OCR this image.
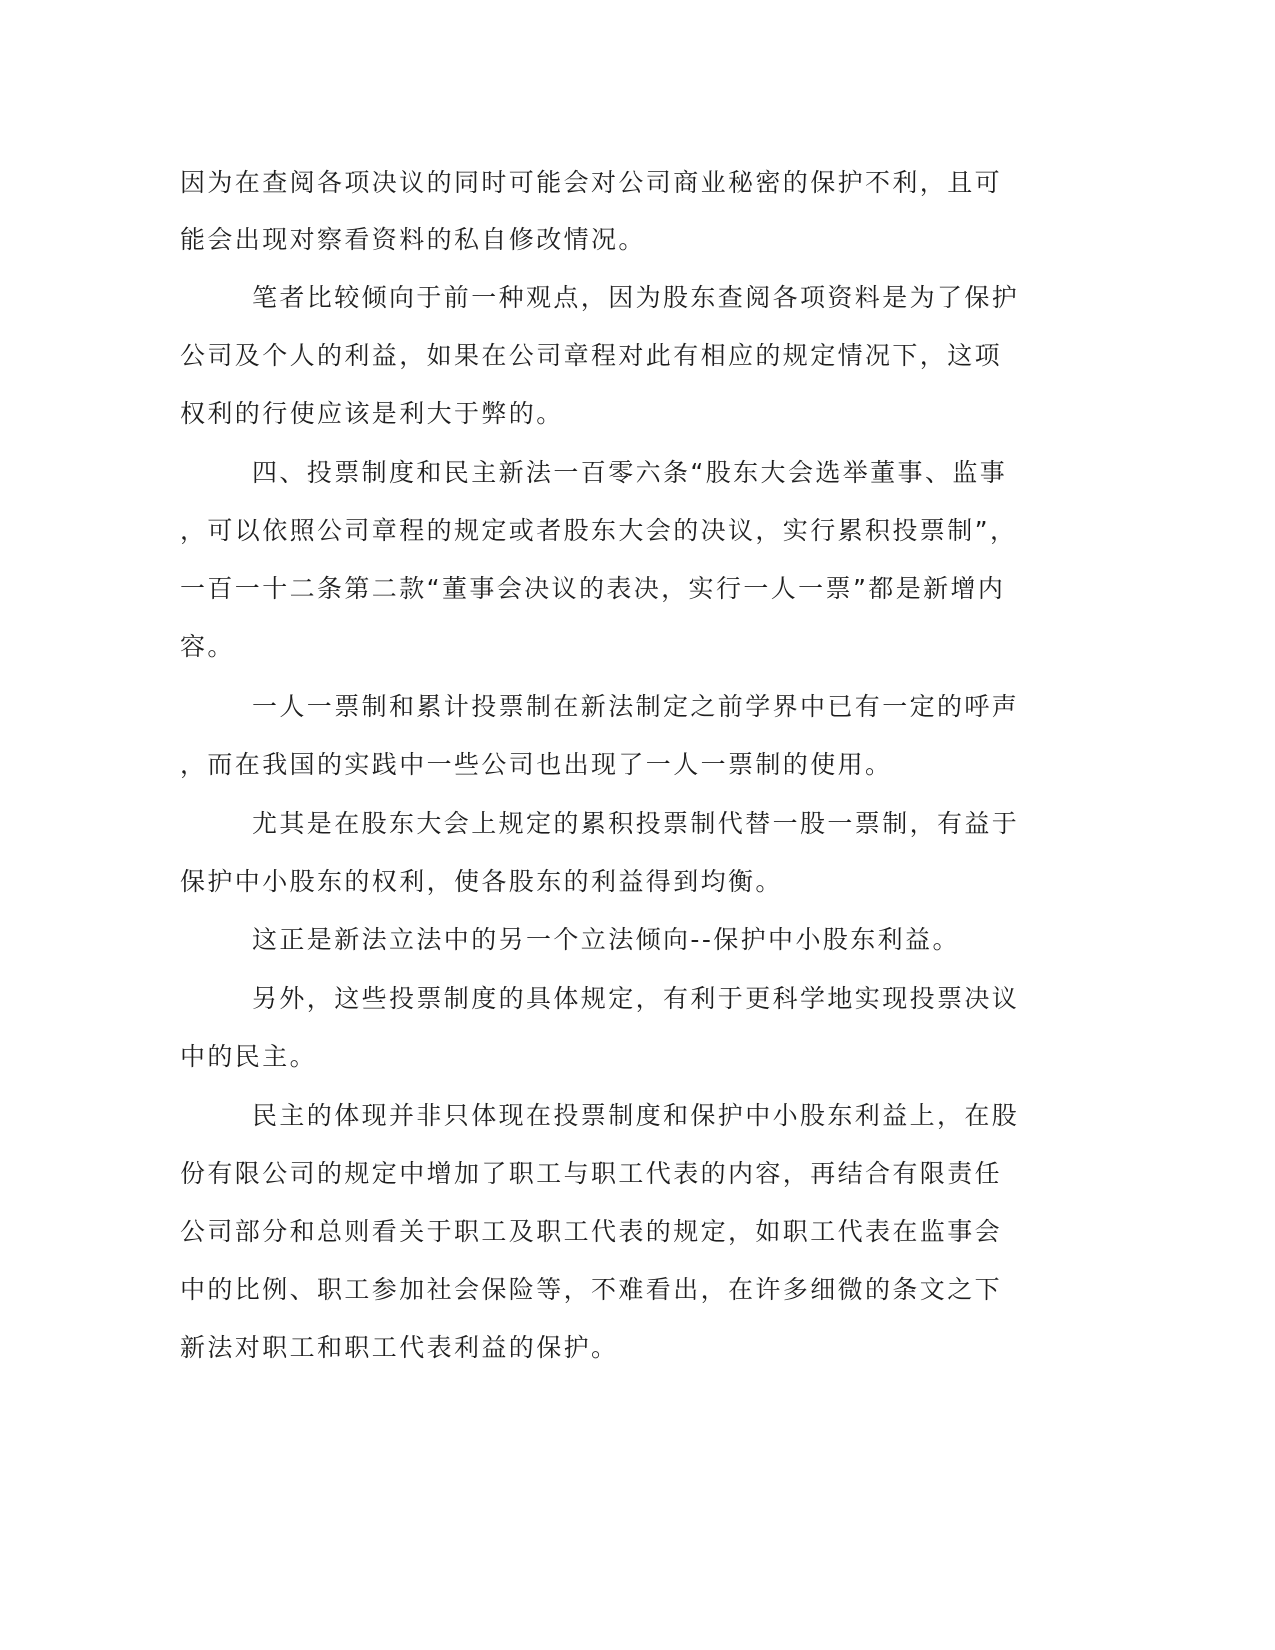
因为在查阅各项决议的同时可能会对公司商业秘密的保护不利，且可
能会出现对察看资料的私自修改情况。
笔者比较倾向于前一种观点，因为股东查阅各项资料是为了保护
公司及个人的利益，如果在公司章程对此有相应的规定情况下，这项
权利的行使应该是利大于弊的。
四、投票制度和民主新法一百零六条“股东大会选举董事、监事
，可以依照公司章程的规定或者股东大会的决议，实行累积投票制”，
一百一十二条第二款“董事会决议的表决，实行一人一票”都是新增内
容。
一人一票制和累计投票制在新法制定之前学界中已有一定的呼声
，而在我国的实践中一些公司也出现了一人一票制的使用。
尤其是在股东大会上规定的累积投票制代替一股一票制，有益于
保护中小股东的权利，使各股东的利益得到均衡。
这正是新法立法中的另一个立法倾向--保护中小股东利益。
另外，这些投票制度的具体规定，有利于更科学地实现投票决议
中的民主。
民主的体现并非只体现在投票制度和保护中小股东利益上，在股
份有限公司的规定中增加了职工与职工代表的内容，再结合有限责任
公司部分和总则看关于职工及职工代表的规定，如职工代表在监事会
中的比例、职工参加社会保险等，不难看出，在许多细微的条文之下
新法对职工和职工代表利益的保护。
